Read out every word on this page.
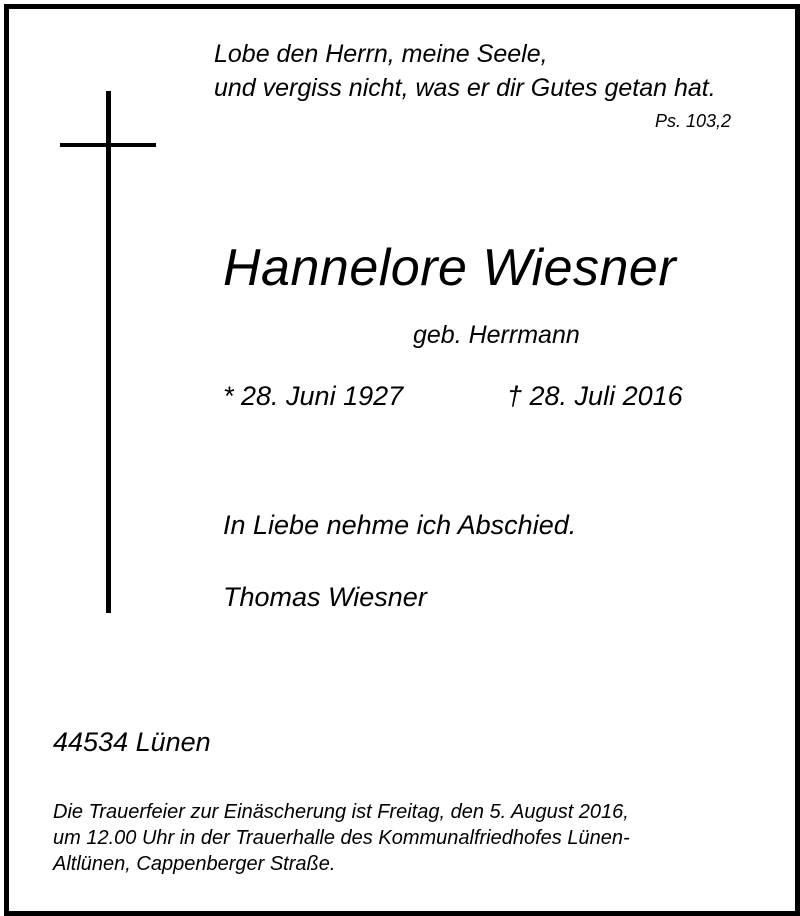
Lobe den Herrn, meine Seele,
und vergiss nicht, was er dir Gutes getan hat.
Ps. 103,2
Hannelore Wiesner
geb. Herrmann
* 28. Juni 1927	† 28. Juli 2016
In Liebe nehme ich Abschied.
Thomas Wiesner
44534 Lünen
Die Trauerfeier zur Einäscherung ist Freitag, den 5. August 2016,
um 12.00 Uhr in der Trauerhalle des Kommunalfriedhofes Lünen-
Altlünen, Cappenberger Straße.
